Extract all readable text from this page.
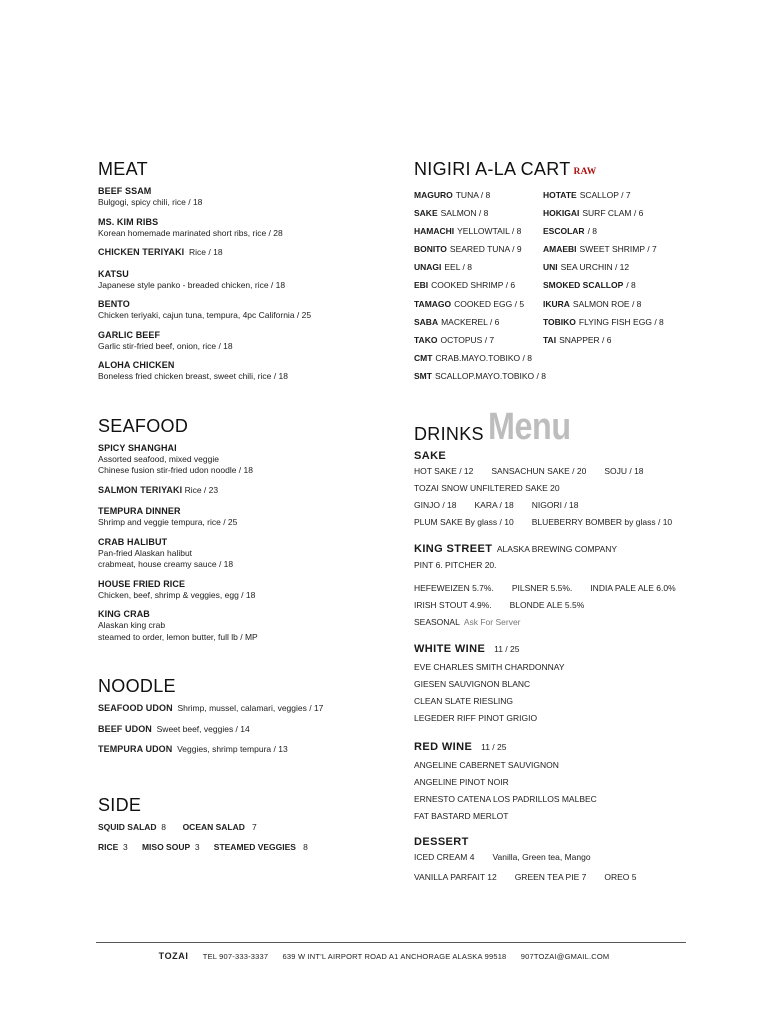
MEAT
BEEF SSAM
Bulgogi, spicy chili, rice / 18
MS. KIM RIBS
Korean homemade marinated short ribs, rice / 28
CHICKEN TERIYAKI Rice / 18
KATSU
Japanese style panko - breaded chicken, rice / 18
BENTO
Chicken teriyaki, cajun tuna, tempura, 4pc California / 25
GARLIC BEEF
Garlic stir-fried beef, onion, rice / 18
ALOHA CHICKEN
Boneless fried chicken breast, sweet chili, rice / 18
SEAFOOD
SPICY SHANGHAI
Assorted seafood, mixed veggie
Chinese fusion stir-fried udon noodle / 18
SALMON TERIYAKI Rice / 23
TEMPURA DINNER
Shrimp and veggie tempura, rice / 25
CRAB HALIBUT
Pan-fried Alaskan halibut
crabmeat, house creamy sauce / 18
HOUSE FRIED RICE
Chicken, beef, shrimp & veggies, egg / 18
KING CRAB
Alaskan king crab
steamed to order, lemon butter, full lb / MP
NOODLE
SEAFOOD UDON Shrimp, mussel, calamari, veggies / 17
BEEF UDON Sweet beef, veggies / 14
TEMPURA UDON Veggies, shrimp tempura / 13
SIDE
SQUID SALAD 8 OCEAN SALAD 7
RICE 3 MISO SOUP 3 STEAMED VEGGIES 8
NIGIRI A-LA CART RAW
MAGURO TUNA / 8	HOTATE SCALLOP / 7
SAKE SALMON / 8	HOKIGAI SURF CLAM / 6
HAMACHI YELLOWTAIL / 8	ESCOLAR / 8
BONITO SEARED TUNA / 9	AMAEBI SWEET SHRIMP / 7
UNAGI EEL / 8	UNI SEA URCHIN / 12
EBI COOKED SHRIMP / 6	SMOKED SCALLOP / 8
TAMAGO COOKED EGG / 5	IKURA SALMON ROE / 8
SABA MACKEREL / 6	TOBIKO FLYING FISH EGG / 8
TAKO OCTOPUS / 7	TAI SNAPPER / 6
CMT CRAB.MAYO.TOBIKO / 8
SMT SCALLOP.MAYO.TOBIKO / 8
DRINKS Menu
SAKE
HOT SAKE / 12 SANSACHUN SAKE / 20 SOJU / 18
TOZAI SNOW UNFILTERED SAKE 20
GINJO / 18 KARA / 18 NIGORI / 18
PLUM SAKE By glass / 10 BLUEBERRY BOMBER by glass / 10
KING STREET ALASKA BREWING COMPANY
PINT 6. PITCHER 20.
HEFEWEIZEN 5.7%. PILSNER 5.5%. INDIA PALE ALE 6.0%
IRISH STOUT 4.9%. BLONDE ALE 5.5%
SEASONAL Ask For Server
WHITE WINE 11 / 25
EVE CHARLES SMITH CHARDONNAY
GIESEN SAUVIGNON BLANC
CLEAN SLATE RIESLING
LEGEDER RIFF PINOT GRIGIO
RED WINE 11 / 25
ANGELINE CABERNET SAUVIGNON
ANGELINE PINOT NOIR
ERNESTO CATENA LOS PADRILLOS MALBEC
FAT BASTARD MERLOT
DESSERT
ICED CREAM 4 Vanilla, Green tea, Mango
VANILLA PARFAIT 12 GREEN TEA PIE 7 OREO 5
TOZAI TEL 907-333-3337 639 W INT'L AIRPORT ROAD A1 ANCHORAGE ALASKA 99518 907TOZAI@GMAIL.COM
